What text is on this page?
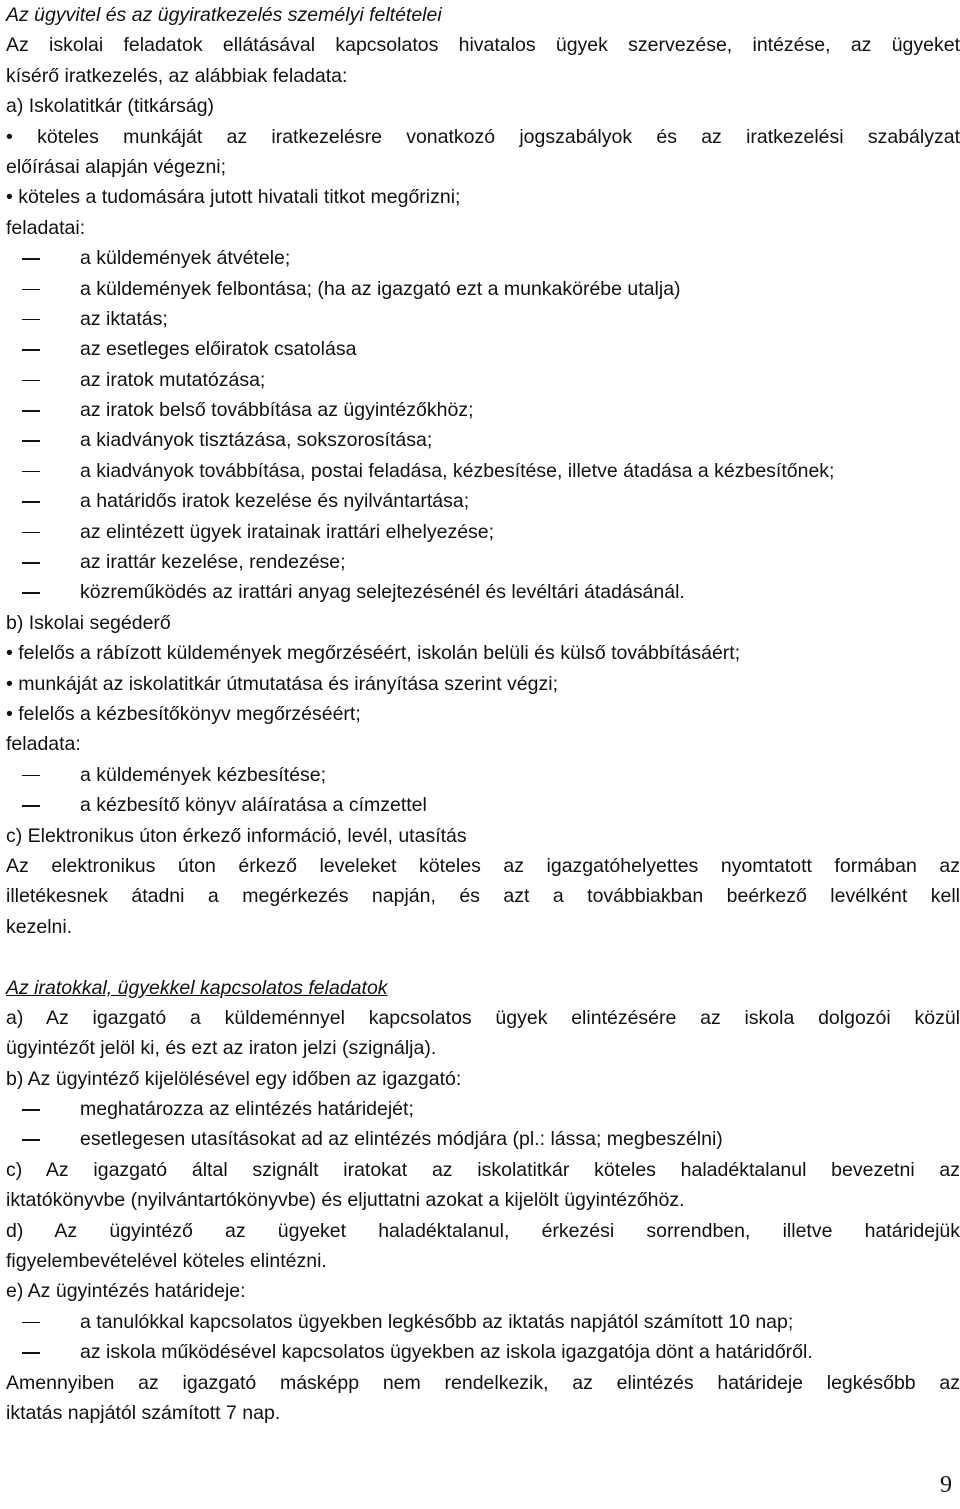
Az ügyvitel és az ügyiratkezelés személyi feltételei
Az iskolai feladatok ellátásával kapcsolatos hivatalos ügyek szervezése, intézése, az ügyeket
kísérő iratkezelés, az alábbiak feladata:
a) Iskolatitkár (titkárság)
• köteles munkáját az iratkezelésre vonatkozó jogszabályok és az iratkezelési szabályzat
előírásai alapján végezni;
• köteles a tudomására jutott hivatali titkot megőrizni;
feladatai:
a küldemények átvétele;
a küldemények felbontása; (ha az igazgató ezt a munkakörébe utalja)
az iktatás;
az esetleges előiratok csatolása
az iratok mutatózása;
az iratok belső továbbítása az ügyintézőkhöz;
a kiadványok tisztázása, sokszorosítása;
a kiadványok továbbítása, postai feladása, kézbesítése, illetve átadása a kézbesítőnek;
a határidős iratok kezelése és nyilvántartása;
az elintézett ügyek iratainak irattári elhelyezése;
az irattár kezelése, rendezése;
közreműködés az irattári anyag selejtezésénél és levéltári átadásánál.
b) Iskolai segéderő
• felelős a rábízott küldemények megőrzéséért, iskolán belüli és külső továbbításáért;
• munkáját az iskolatitkár útmutatása és irányítása szerint végzi;
• felelős a kézbesítőkönyv megőrzéséért;
feladata:
a küldemények kézbesítése;
a kézbesítő könyv aláíratása a címzettel
c) Elektronikus úton érkező információ, levél, utasítás
Az elektronikus úton érkező leveleket köteles az igazgatóhelyettes nyomtatott formában az
illetékesnek átadni a megérkezés napján, és azt a továbbiakban beérkező levélként kell
kezelni.
Az iratokkal, ügyekkel kapcsolatos feladatok
a) Az igazgató a küldeménnyel kapcsolatos ügyek elintézésére az iskola dolgozói közül
ügyintézőt jelöl ki, és ezt az iraton jelzi (szignálja).
b) Az ügyintéző kijelölésével egy időben az igazgató:
meghatározza az elintézés határidejét;
esetlegesen utasításokat ad az elintézés módjára (pl.: lássa; megbeszélni)
c) Az igazgató által szignált iratokat az iskolatitkár köteles haladéktalanul bevezetni az
iktatókönyvbe (nyilvántartókönyvbe) és eljuttatni azokat a kijelölt ügyintézőhöz.
d) Az ügyintéző az ügyeket haladéktalanul, érkezési sorrendben, illetve határidejük
figyelembevételével köteles elintézni.
e) Az ügyintézés határideje:
a tanulókkal kapcsolatos ügyekben legkésőbb az iktatás napjától számított 10 nap;
az iskola működésével kapcsolatos ügyekben az iskola igazgatója dönt a határidőről.
Amennyiben az igazgató másképp nem rendelkezik, az elintézés határideje legkésőbb az
iktatás napjától számított 7 nap.
9
